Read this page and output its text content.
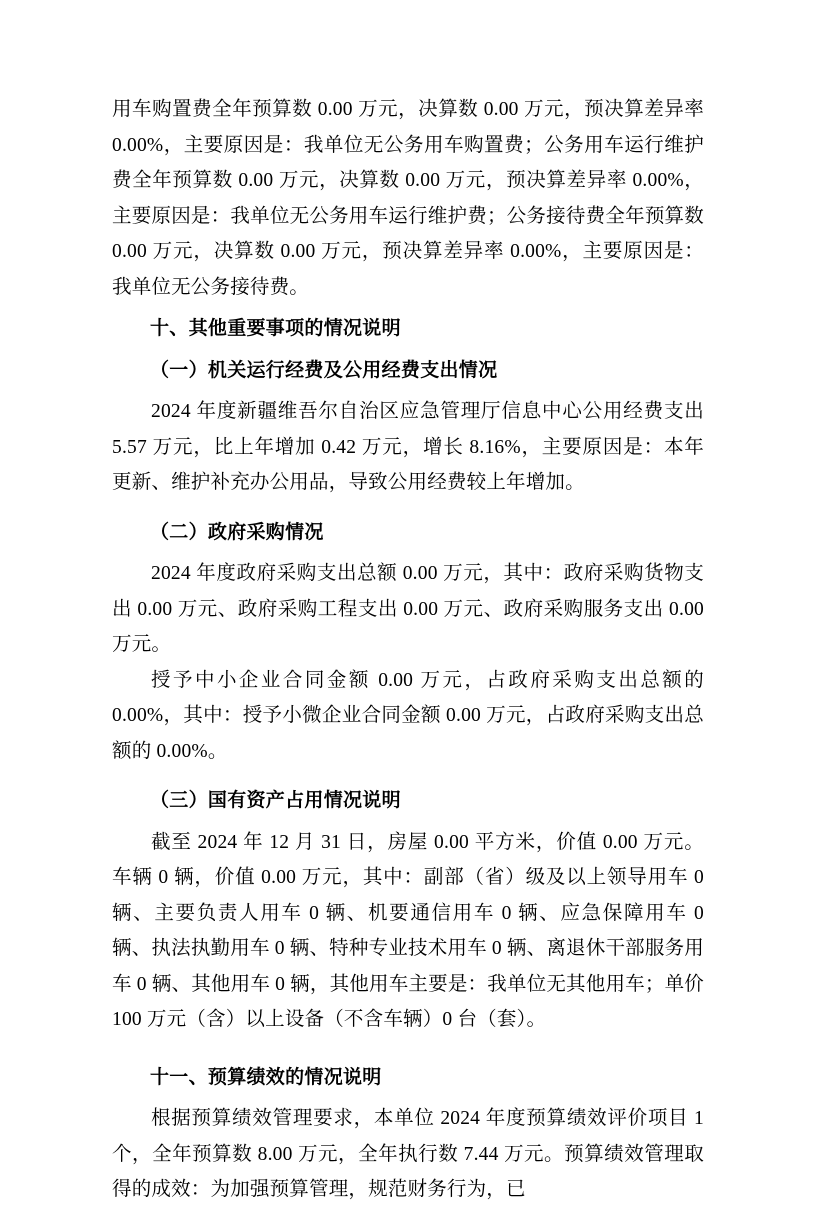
用车购置费全年预算数 0.00 万元，决算数 0.00 万元，预决算差异率 0.00%，主要原因是：我单位无公务用车购置费；公务用车运行维护费全年预算数 0.00 万元，决算数 0.00 万元，预决算差异率 0.00%，主要原因是：我单位无公务用车运行维护费；公务接待费全年预算数 0.00 万元，决算数 0.00 万元，预决算差异率 0.00%，主要原因是：我单位无公务接待费。

十、其他重要事项的情况说明

（一）机关运行经费及公用经费支出情况

2024 年度新疆维吾尔自治区应急管理厅信息中心公用经费支出 5.57 万元，比上年增加 0.42 万元，增长 8.16%，主要原因是：本年更新、维护补充办公用品，导致公用经费较上年增加。

（二）政府采购情况

2024 年度政府采购支出总额 0.00 万元，其中：政府采购货物支出 0.00 万元、政府采购工程支出 0.00 万元、政府采购服务支出 0.00 万元。

授予中小企业合同金额 0.00 万元，占政府采购支出总额的 0.00%，其中：授予小微企业合同金额 0.00 万元，占政府采购支出总额的 0.00%。

（三）国有资产占用情况说明

截至 2024 年 12 月 31 日，房屋 0.00 平方米，价值 0.00 万元。车辆 0 辆，价值 0.00 万元，其中：副部（省）级及以上领导用车 0 辆、主要负责人用车 0 辆、机要通信用车 0 辆、应急保障用车 0 辆、执法执勤用车 0 辆、特种专业技术用车 0 辆、离退休干部服务用车 0 辆、其他用车 0 辆，其他用车主要是：我单位无其他用车；单价 100 万元（含）以上设备（不含车辆）0 台（套）。

十一、预算绩效的情况说明

根据预算绩效管理要求，本单位 2024 年度预算绩效评价项目 1 个，全年预算数 8.00 万元，全年执行数 7.44 万元。预算绩效管理取得的成效：为加强预算管理，规范财务行为，已
